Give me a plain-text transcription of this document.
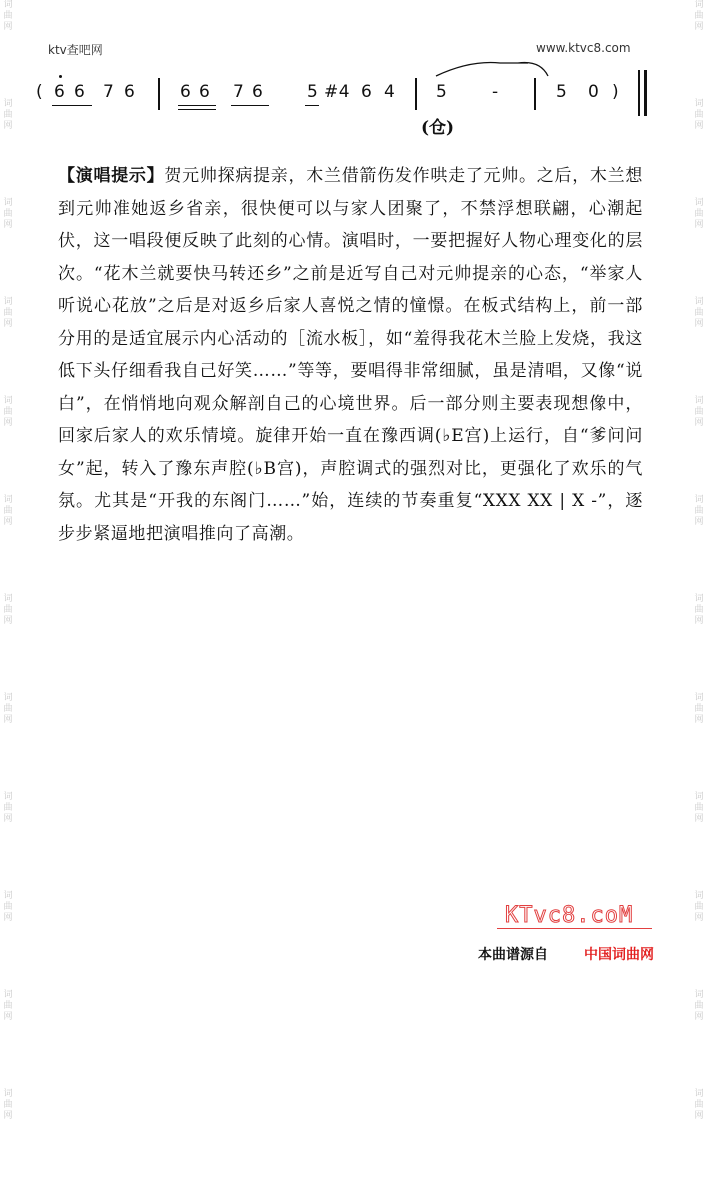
词
曲
网
词
曲
网
词
曲
网
词
曲
网
词
曲
网
词
曲
网
词
曲
网
词
曲
网
词
曲
网
词
曲
网
词
曲
网
词
曲
网
词
曲
网
词
曲
网
词
曲
网
词
曲
网
词
曲
网
词
曲
网
词
曲
网
词
曲
网
词
曲
网
词
曲
网
词
曲
网
词
曲
网
ktv查吧网	www.ktvc8.com
( 6 6 7 6	6 6 7 6	5 #4 6 4 5	-	5 0 )
(仓)
【演唱提示】贺元帅探病提亲，木兰借箭伤发作哄走了元帅。之后，木兰想到元帅准她返乡省亲，很快便可以与家人团聚了，不禁浮想联翩，心潮起伏，这一唱段便反映了此刻的心情。演唱时，一要把握好人物心理变化的层次。“花木兰就要快马转还乡”之前是近写自己对元帅提亲的心态，“举家人听说心花放”之后是对返乡后家人喜悦之情的憧憬。在板式结构上，前一部分用的是适宜展示内心活动的［流水板］，如“羞得我花木兰脸上发烧，我这低下头仔细看我自己好笑……”等等，要唱得非常细腻，虽是清唱，又像“说白”，在悄悄地向观众解剖自己的心境世界。后一部分则主要表现想像中，回家后家人的欢乐情境。旋律开始一直在豫西调(♭E宫)上运行，自“爹问问女”起，转入了豫东声腔(♭B宫)，声腔调式的强烈对比，更强化了欢乐的气氛。尤其是“开我的东阁门……”始，连续的节奏重复“XXX XX | X -”，逐步步紧逼地把演唱推向了高潮。
KTvc8.coM
本曲谱源自	中国词曲网
